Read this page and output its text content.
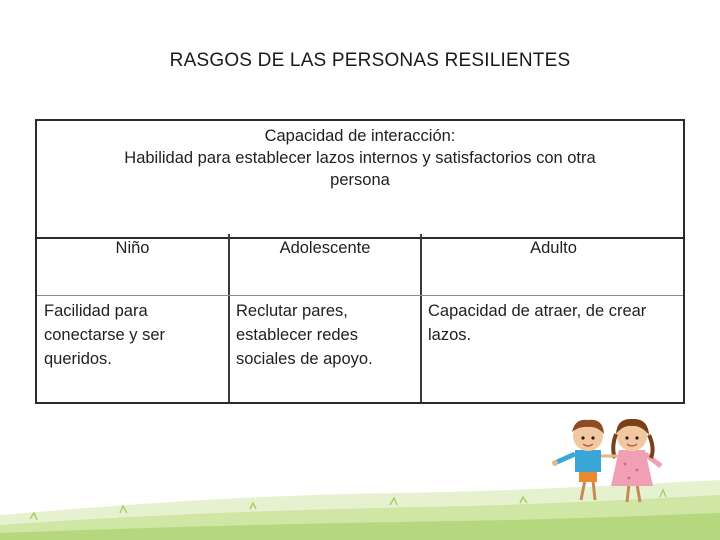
RASGOS DE LAS PERSONAS RESILIENTES
Capacidad de interacción:
Habilidad para establecer lazos internos y satisfactorios con otra
persona
Niño	Adolescente	Adulto
Facilidad para conectarse y ser queridos.
Reclutar pares, establecer redes sociales de apoyo.
Capacidad de atraer, de crear lazos.
